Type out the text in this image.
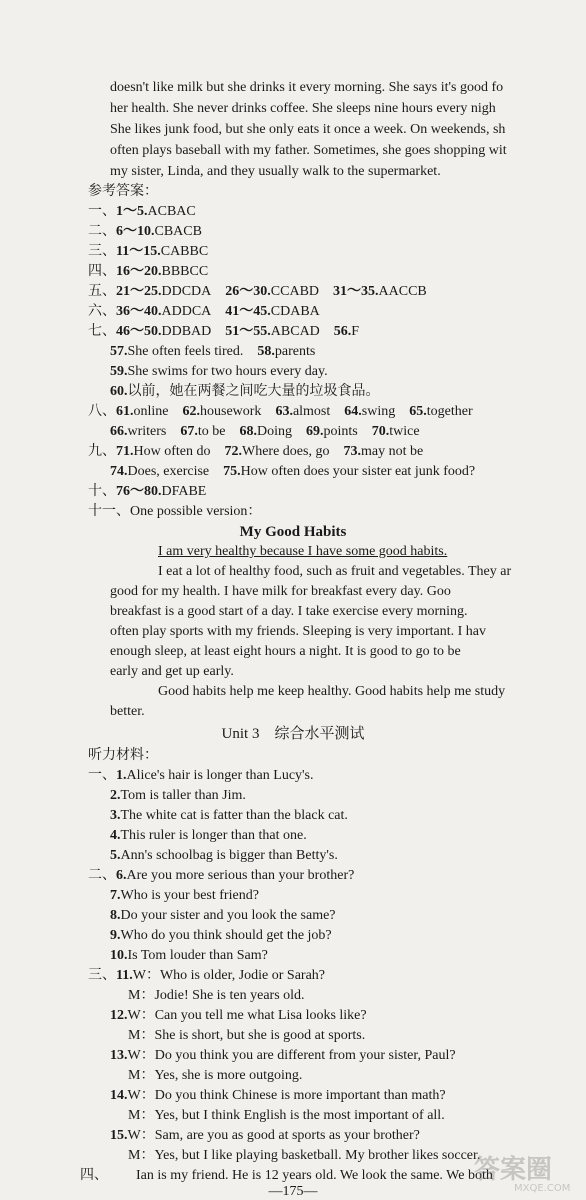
doesn't like milk but she drinks it every morning. She says it's good fo
her health. She never drinks coffee. She sleeps nine hours every nigh
She likes junk food, but she only eats it once a week. On weekends, sh
often plays baseball with my father. Sometimes, she goes shopping wit
my sister, Linda, and they usually walk to the supermarket.
参考答案：
一、1～5.ACBAC
二、6～10.CBACB
三、11～15.CABBC
四、16～20.BBBCC
五、21～25.DDCDA 26～30.CCABD 31～35.AACCB
六、36～40.ADDCA 41～45.CDABA
七、46～50.DDBAD 51～55.ABCAD 56.F
57.She often feels tired. 58.parents
59.She swims for two hours every day.
60.以前，她在两餐之间吃大量的垃圾食品。
八、61.online 62.housework 63.almost 64.swing 65.together
66.writers 67.to be 68.Doing 69.points 70.twice
九、71.How often do 72.Where does, go 73.may not be
74.Does, exercise 75.How often does your sister eat junk food?
十、76～80.DFABE
十一、One possible version：
My Good Habits
I am very healthy because I have some good habits.
I eat a lot of healthy food, such as fruit and vegetables. They ar
good for my health. I have milk for breakfast every day. Goo
breakfast is a good start of a day. I take exercise every morning.
often play sports with my friends. Sleeping is very important. I hav
enough sleep, at least eight hours a night. It is good to go to be
early and get up early.
Good habits help me keep healthy. Good habits help me study
better.
Unit 3　综合水平测试
听力材料：
一、1.Alice's hair is longer than Lucy's.
2.Tom is taller than Jim.
3.The white cat is fatter than the black cat.
4.This ruler is longer than that one.
5.Ann's schoolbag is bigger than Betty's.
二、6.Are you more serious than your brother?
7.Who is your best friend?
8.Do your sister and you look the same?
9.Who do you think should get the job?
10.Is Tom louder than Sam?
三、11.W：Who is older, Jodie or Sarah?
M：Jodie! She is ten years old.
12.W：Can you tell me what Lisa looks like?
M：She is short, but she is good at sports.
13.W：Do you think you are different from your sister, Paul?
M：Yes, she is more outgoing.
14.W：Do you think Chinese is more important than math?
M：Yes, but I think English is the most important of all.
15.W：Sam, are you as good at sports as your brother?
M：Yes, but I like playing basketball. My brother likes soccer.
四、 Ian is my friend. He is 12 years old. We look the same. We both
—175—
答案圈
MXQE.COM
